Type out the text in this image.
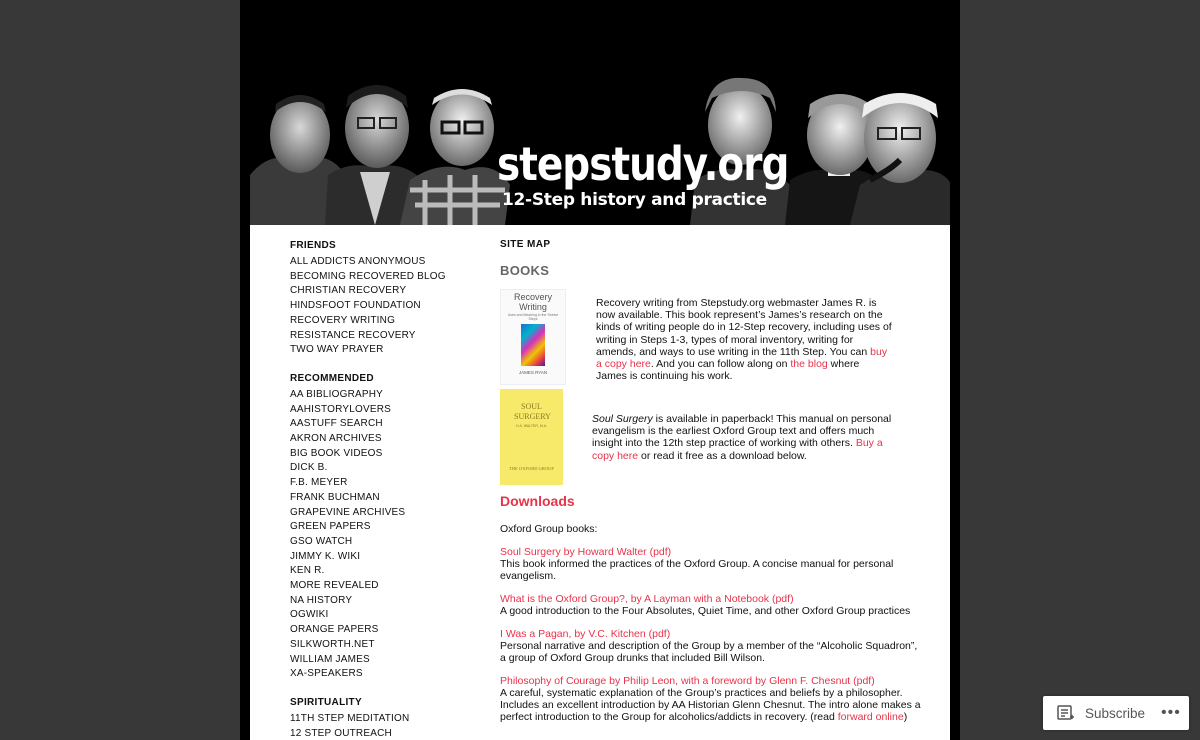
stepstudy.org
12-Step history and practice
FRIENDS
ALL ADDICTS ANONYMOUS
BECOMING RECOVERED BLOG
CHRISTIAN RECOVERY
HINDSFOOT FOUNDATION
RECOVERY WRITING
RESISTANCE RECOVERY
TWO WAY PRAYER
RECOMMENDED
AA BIBLIOGRAPHY
AAHISTORYLOVERS
AASTUFF SEARCH
AKRON ARCHIVES
BIG BOOK VIDEOS
DICK B.
F.B. MEYER
FRANK BUCHMAN
GRAPEVINE ARCHIVES
GREEN PAPERS
GSO WATCH
JIMMY K. WIKI
KEN R.
MORE REVEALED
NA HISTORY
OGWIKI
ORANGE PAPERS
SILKWORTH.NET
WILLIAM JAMES
XA-SPEAKERS
SPIRITUALITY
11TH STEP MEDITATION
12 STEP OUTREACH
SITE MAP
BOOKS
Recovery Writing
Uses and Meaning in the Twelve Steps
JAMES RYAN
Recovery writing from Stepstudy.org webmaster James R. is now available. This book represent’s James’s research on the kinds of writing people do in 12-Step recovery, including uses of writing in Steps 1-3, types of moral inventory, writing for amends, and ways to use writing in the 11th Step. You can buy a copy here. And you can follow along on the blog where James is continuing his work.
SOUL SURGERY
H.A. WALTER, M.A.
THE OXFORD GROUP
Soul Surgery is available in paperback! This manual on personal evangelism is the earliest Oxford Group text and offers much insight into the 12th step practice of working with others. Buy a copy here or read it free as a download below.
Downloads

Oxford Group books:

Soul Surgery by Howard Walter (pdf)

This book informed the practices of the Oxford Group. A concise manual for personal evangelism.

What is the Oxford Group?, by A Layman with a Notebook (pdf)

A good introduction to the Four Absolutes, Quiet Time, and other Oxford Group practices

I Was a Pagan, by V.C. Kitchen (pdf)

Personal narrative and description of the Group by a member of the “Alcoholic Squadron”, a group of Oxford Group drunks that included Bill Wilson.

Philosophy of Courage by Philip Leon, with a foreword by Glenn F. Chesnut (pdf)

A careful, systematic explanation of the Group’s practices and beliefs by a philosopher. Includes an excellent introduction by AA Historian Glenn Chesnut. The intro alone makes a perfect introduction to the Group for alcoholics/addicts in recovery. (read forward online)	Subscribe •••
